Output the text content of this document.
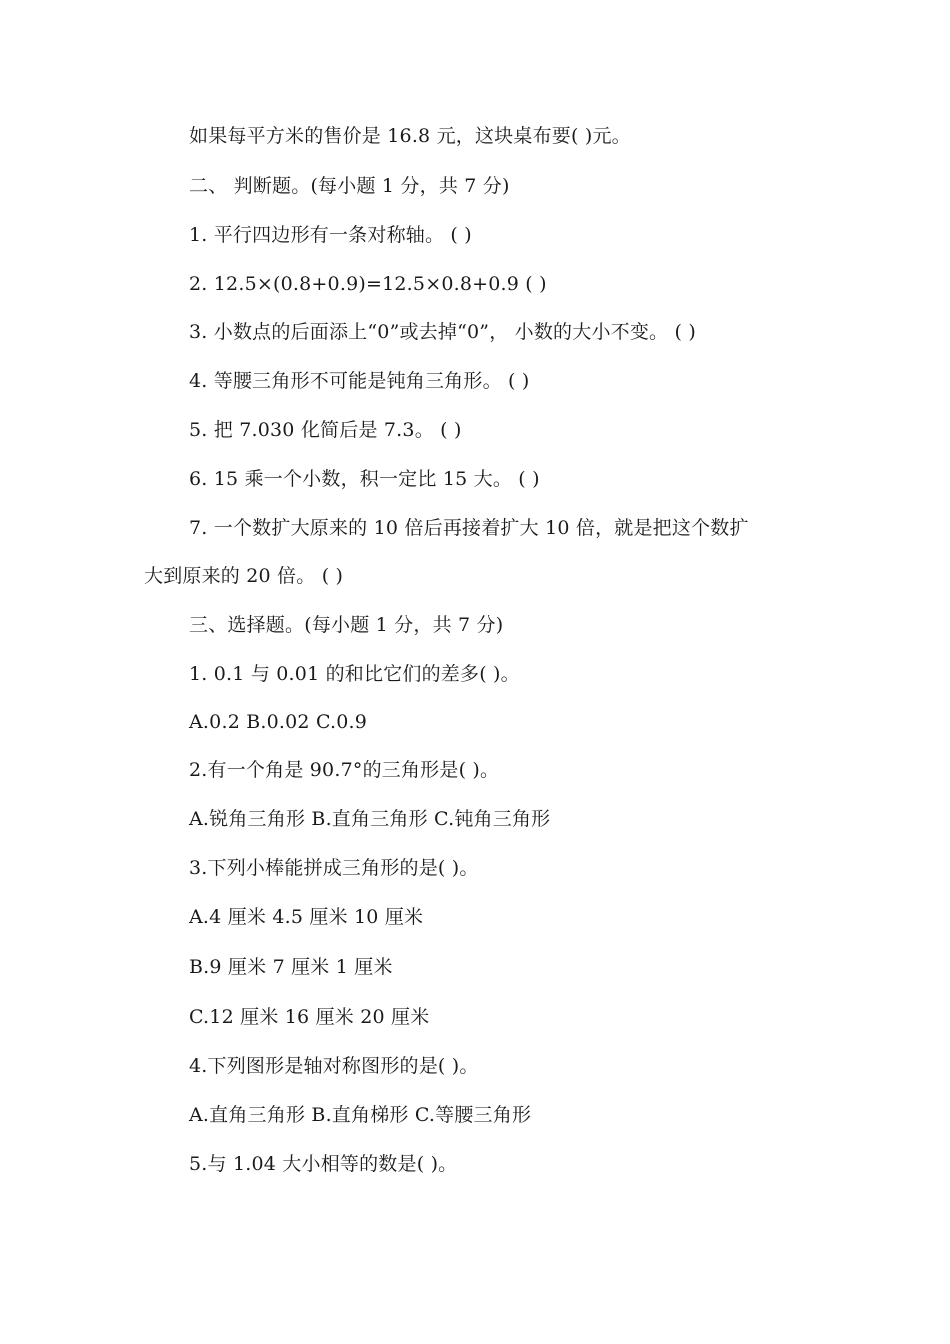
如果每平方米的售价是 16.8 元，这块桌布要( )元。
二、 判断题。(每小题 1 分，共 7 分)
1. 平行四边形有一条对称轴。 ( )
2. 12.5×(0.8+0.9)=12.5×0.8+0.9 ( )
3. 小数点的后面添上“0”或去掉“0”， 小数的大小不变。 ( )
4. 等腰三角形不可能是钝角三角形。 ( )
5. 把 7.030 化简后是 7.3。 ( )
6. 15 乘一个小数，积一定比 15 大。 ( )
7. 一个数扩大原来的 10 倍后再接着扩大 10 倍，就是把这个数扩
大到原来的 20 倍。 ( )
三、选择题。(每小题 1 分，共 7 分)
1. 0.1 与 0.01 的和比它们的差多( )。
A.0.2 B.0.02 C.0.9
2.有一个角是 90.7°的三角形是( )。
A.锐角三角形 B.直角三角形 C.钝角三角形
3.下列小棒能拼成三角形的是( )。
A.4 厘米 4.5 厘米 10 厘米
B.9 厘米 7 厘米 1 厘米
C.12 厘米 16 厘米 20 厘米
4.下列图形是轴对称图形的是( )。
A.直角三角形 B.直角梯形 C.等腰三角形
5.与 1.04 大小相等的数是( )。
